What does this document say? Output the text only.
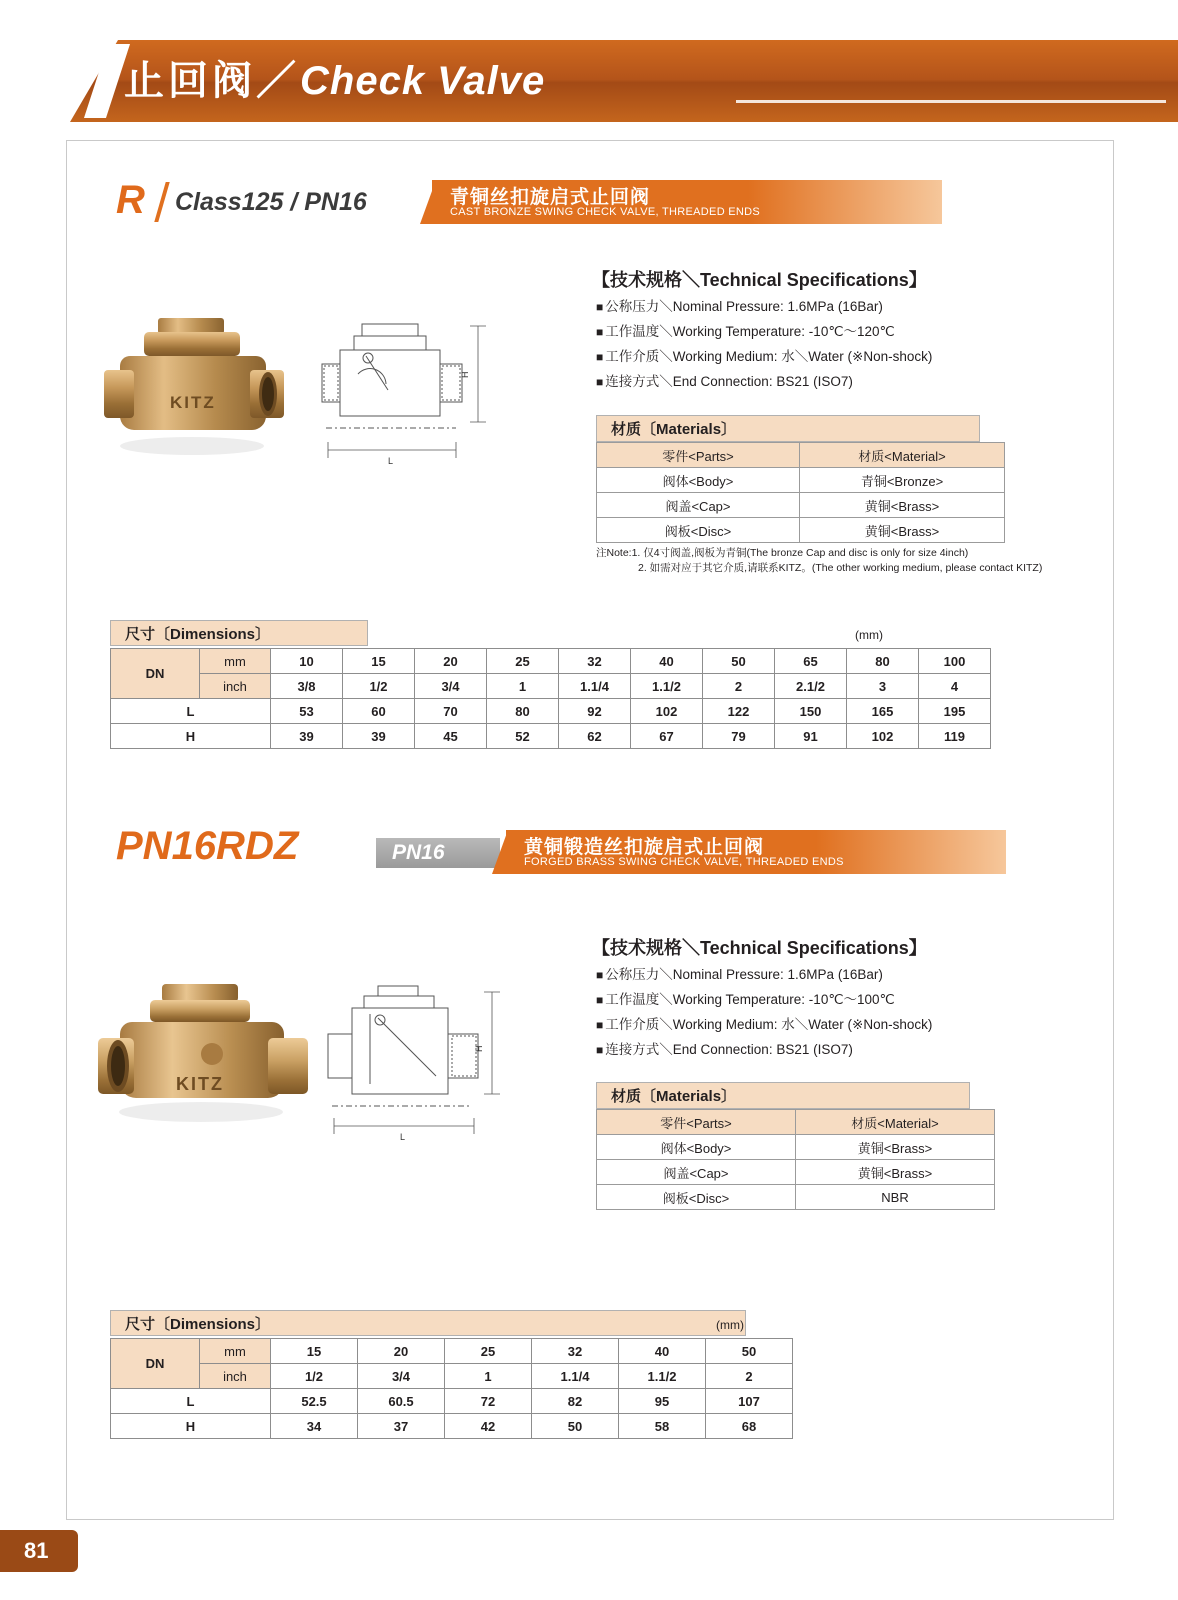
止回阀／Check Valve
R Class125 / PN16	青铜丝扣旋启式止回阀
CAST BRONZE SWING CHECK VALVE, THREADED ENDS
KITZ
H
L
【技术规格＼Technical Specifications】
■ 公称压力＼Nominal Pressure: 1.6MPa (16Bar)
■ 工作温度＼Working Temperature: -10℃～120℃
■ 工作介质＼Working Medium: 水＼Water (※Non-shock)
■ 连接方式＼End Connection: BS21 (ISO7)
材质〔Materials〕
零件<Parts>	材质<Material>
阀体<Body>	青铜<Bronze>
阀盖<Cap>	黄铜<Brass>
阀板<Disc>	黄铜<Brass>
注Note:1. 仅4寸阀盖,阀板为青铜(The bronze Cap and disc is only for size 4inch)
2. 如需对应于其它介质,请联系KITZ。(The other working medium, please contact KITZ)
尺寸〔Dimensions〕	(mm)
DN	mm	10	15	20	25	32	40	50	65	80	100
	inch	3/8	1/2	3/4	1	1.1/4	1.1/2	2	2.1/2	3	4
L		53	60	70	80	92	102	122	150	165	195
H		39	39	45	52	62	67	79	91	102	119
PN16RDZ	PN16	黄铜锻造丝扣旋启式止回阀
FORGED BRASS SWING CHECK VALVE, THREADED ENDS
KITZ
H
L
【技术规格＼Technical Specifications】
■ 公称压力＼Nominal Pressure: 1.6MPa (16Bar)
■ 工作温度＼Working Temperature: -10℃～100℃
■ 工作介质＼Working Medium: 水＼Water (※Non-shock)
■ 连接方式＼End Connection: BS21 (ISO7)
材质〔Materials〕
零件<Parts>	材质<Material>
阀体<Body>	黄铜<Brass>
阀盖<Cap>	黄铜<Brass>
阀板<Disc>	NBR
尺寸〔Dimensions〕	(mm)
DN	mm	15	20	25	32	40	50
	inch	1/2	3/4	1	1.1/4	1.1/2	2
L		52.5	60.5	72	82	95	107
H		34	37	42	50	58	68
81
